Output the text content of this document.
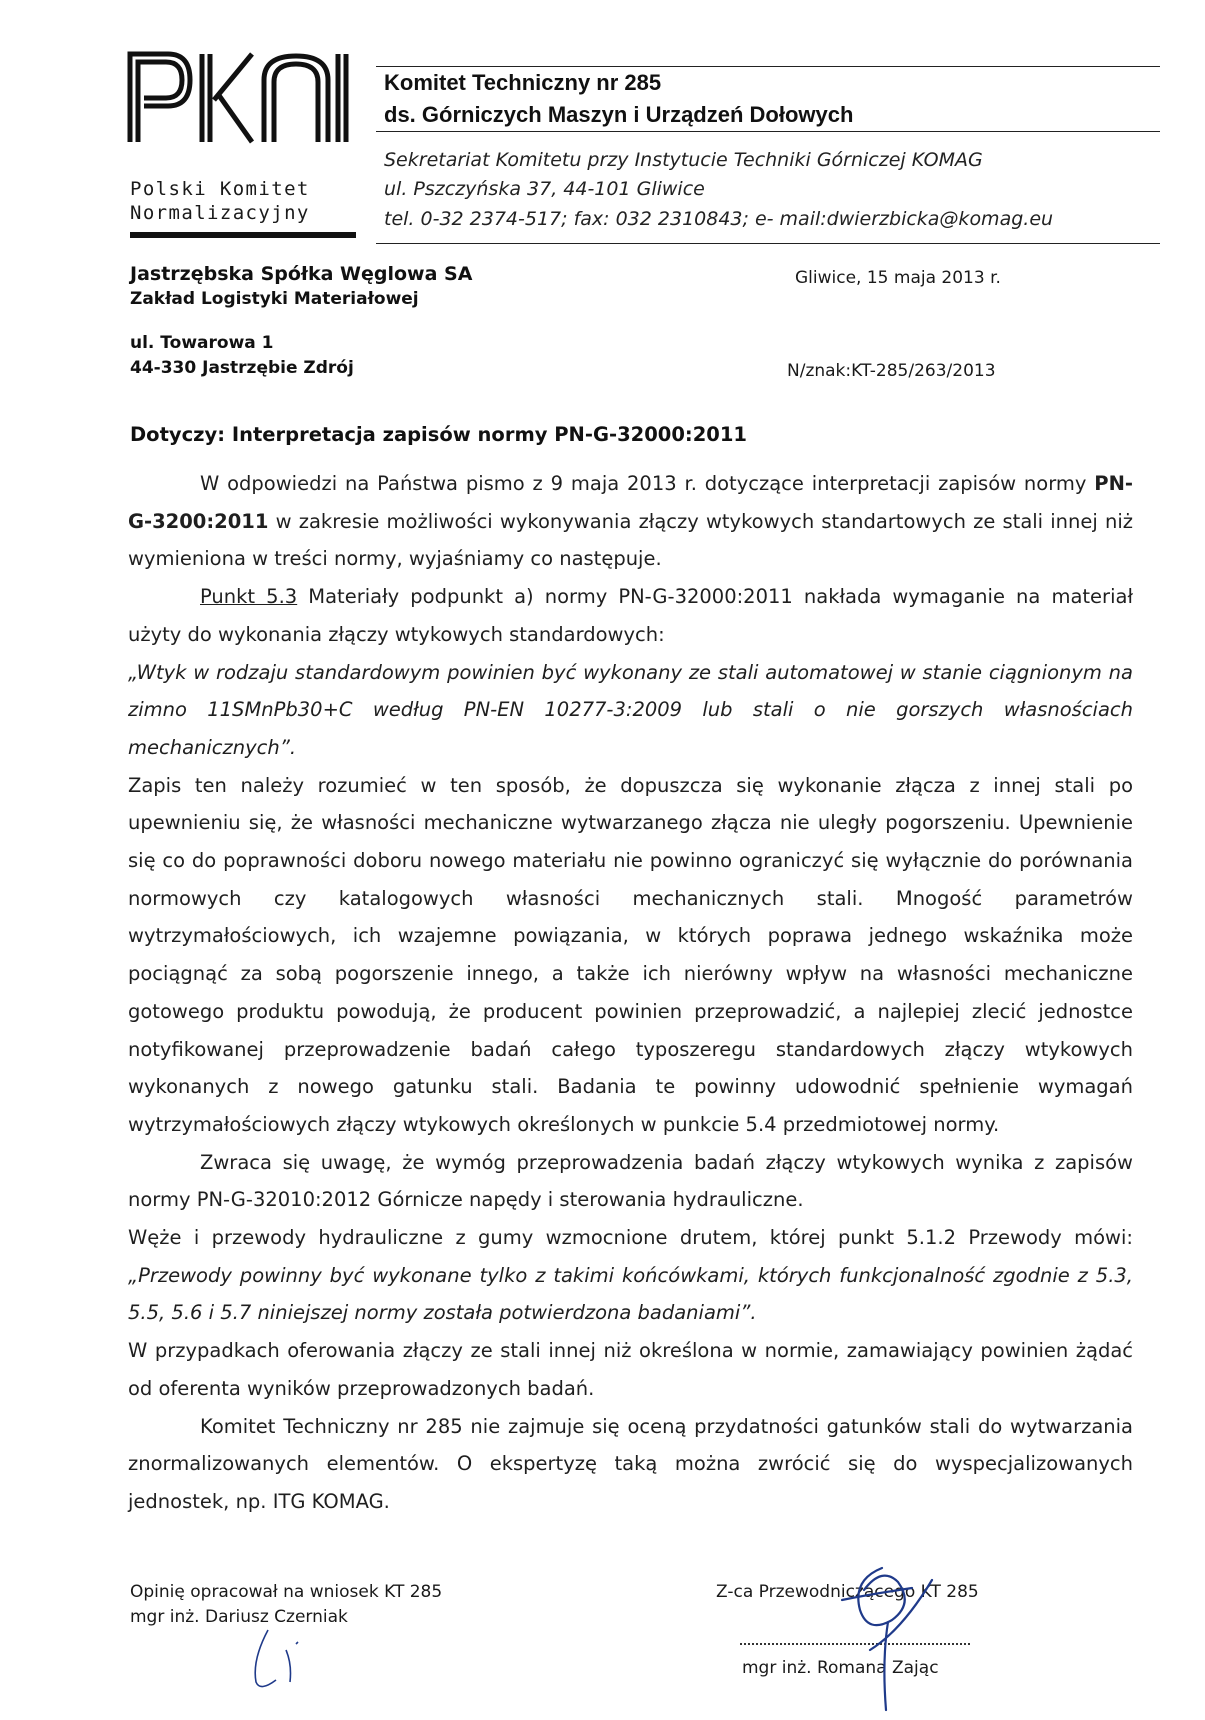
Polski Komitet
Normalizacyjny
Komitet Techniczny nr 285
ds. Górniczych Maszyn i Urządzeń Dołowych
Sekretariat Komitetu przy Instytucie Techniki Górniczej KOMAG
ul. Pszczyńska 37, 44-101 Gliwice
tel. 0-32 2374-517; fax: 032 2310843; e- mail:dwierzbicka@komag.eu
Jastrzębska Spółka Węglowa SA
Zakład Logistyki Materiałowej
ul. Towarowa 1
44-330 Jastrzębie Zdrój
Gliwice, 15 maja 2013 r.
N/znak:KT-285/263/2013
Dotyczy: Interpretacja zapisów normy PN-G-32000:2011

W odpowiedzi na Państwa pismo z 9 maja 2013 r. dotyczące interpretacji zapisów normy PN-G-3200:2011 w zakresie możliwości wykonywania złączy wtykowych standartowych ze stali innej niż wymieniona w treści normy, wyjaśniamy co następuje.

Punkt 5.3 Materiały podpunkt a) normy PN-G-32000:2011 nakłada wymaganie na materiał użyty do wykonania złączy wtykowych standardowych:

„Wtyk w rodzaju standardowym powinien być wykonany ze stali automatowej w stanie ciągnionym na zimno 11SMnPb30+C według PN-EN 10277-3:2009 lub stali o nie gorszych własnościach mechanicznych”.

Zapis ten należy rozumieć w ten sposób, że dopuszcza się wykonanie złącza z innej stali po upewnieniu się, że własności mechaniczne wytwarzanego złącza nie uległy pogorszeniu. Upewnienie się co do poprawności doboru nowego materiału nie powinno ograniczyć się wyłącznie do porównania normowych czy katalogowych własności mechanicznych stali. Mnogość parametrów wytrzymałościowych, ich wzajemne powiązania, w których poprawa jednego wskaźnika może pociągnąć za sobą pogorszenie innego, a także ich nierówny wpływ na własności mechaniczne gotowego produktu powodują, że producent powinien przeprowadzić, a najlepiej zlecić jednostce notyfikowanej przeprowadzenie badań całego typoszeregu standardowych złączy wtykowych wykonanych z nowego gatunku stali. Badania te powinny udowodnić spełnienie wymagań wytrzymałościowych złączy wtykowych określonych w punkcie 5.4 przedmiotowej normy.

Zwraca się uwagę, że wymóg przeprowadzenia badań złączy wtykowych wynika z zapisów normy PN-G-32010:2012 Górnicze napędy i sterowania hydrauliczne.

Węże i przewody hydrauliczne z gumy wzmocnione drutem, której punkt 5.1.2 Przewody mówi: „Przewody powinny być wykonane tylko z takimi końcówkami, których funkcjonalność zgodnie z 5.3, 5.5, 5.6 i 5.7 niniejszej normy została potwierdzona badaniami”.

W przypadkach oferowania złączy ze stali innej niż określona w normie, zamawiający powinien żądać od oferenta wyników przeprowadzonych badań.

Komitet Techniczny nr 285 nie zajmuje się oceną przydatności gatunków stali do wytwarzania znormalizowanych elementów. O ekspertyzę taką można zwrócić się do wyspecjalizowanych jednostek, np. ITG KOMAG.

Opinię opracował na wniosek KT 285
mgr inż. Dariusz Czerniak
Z-ca Przewodniczącego KT 285
mgr inż. Romana Zając
